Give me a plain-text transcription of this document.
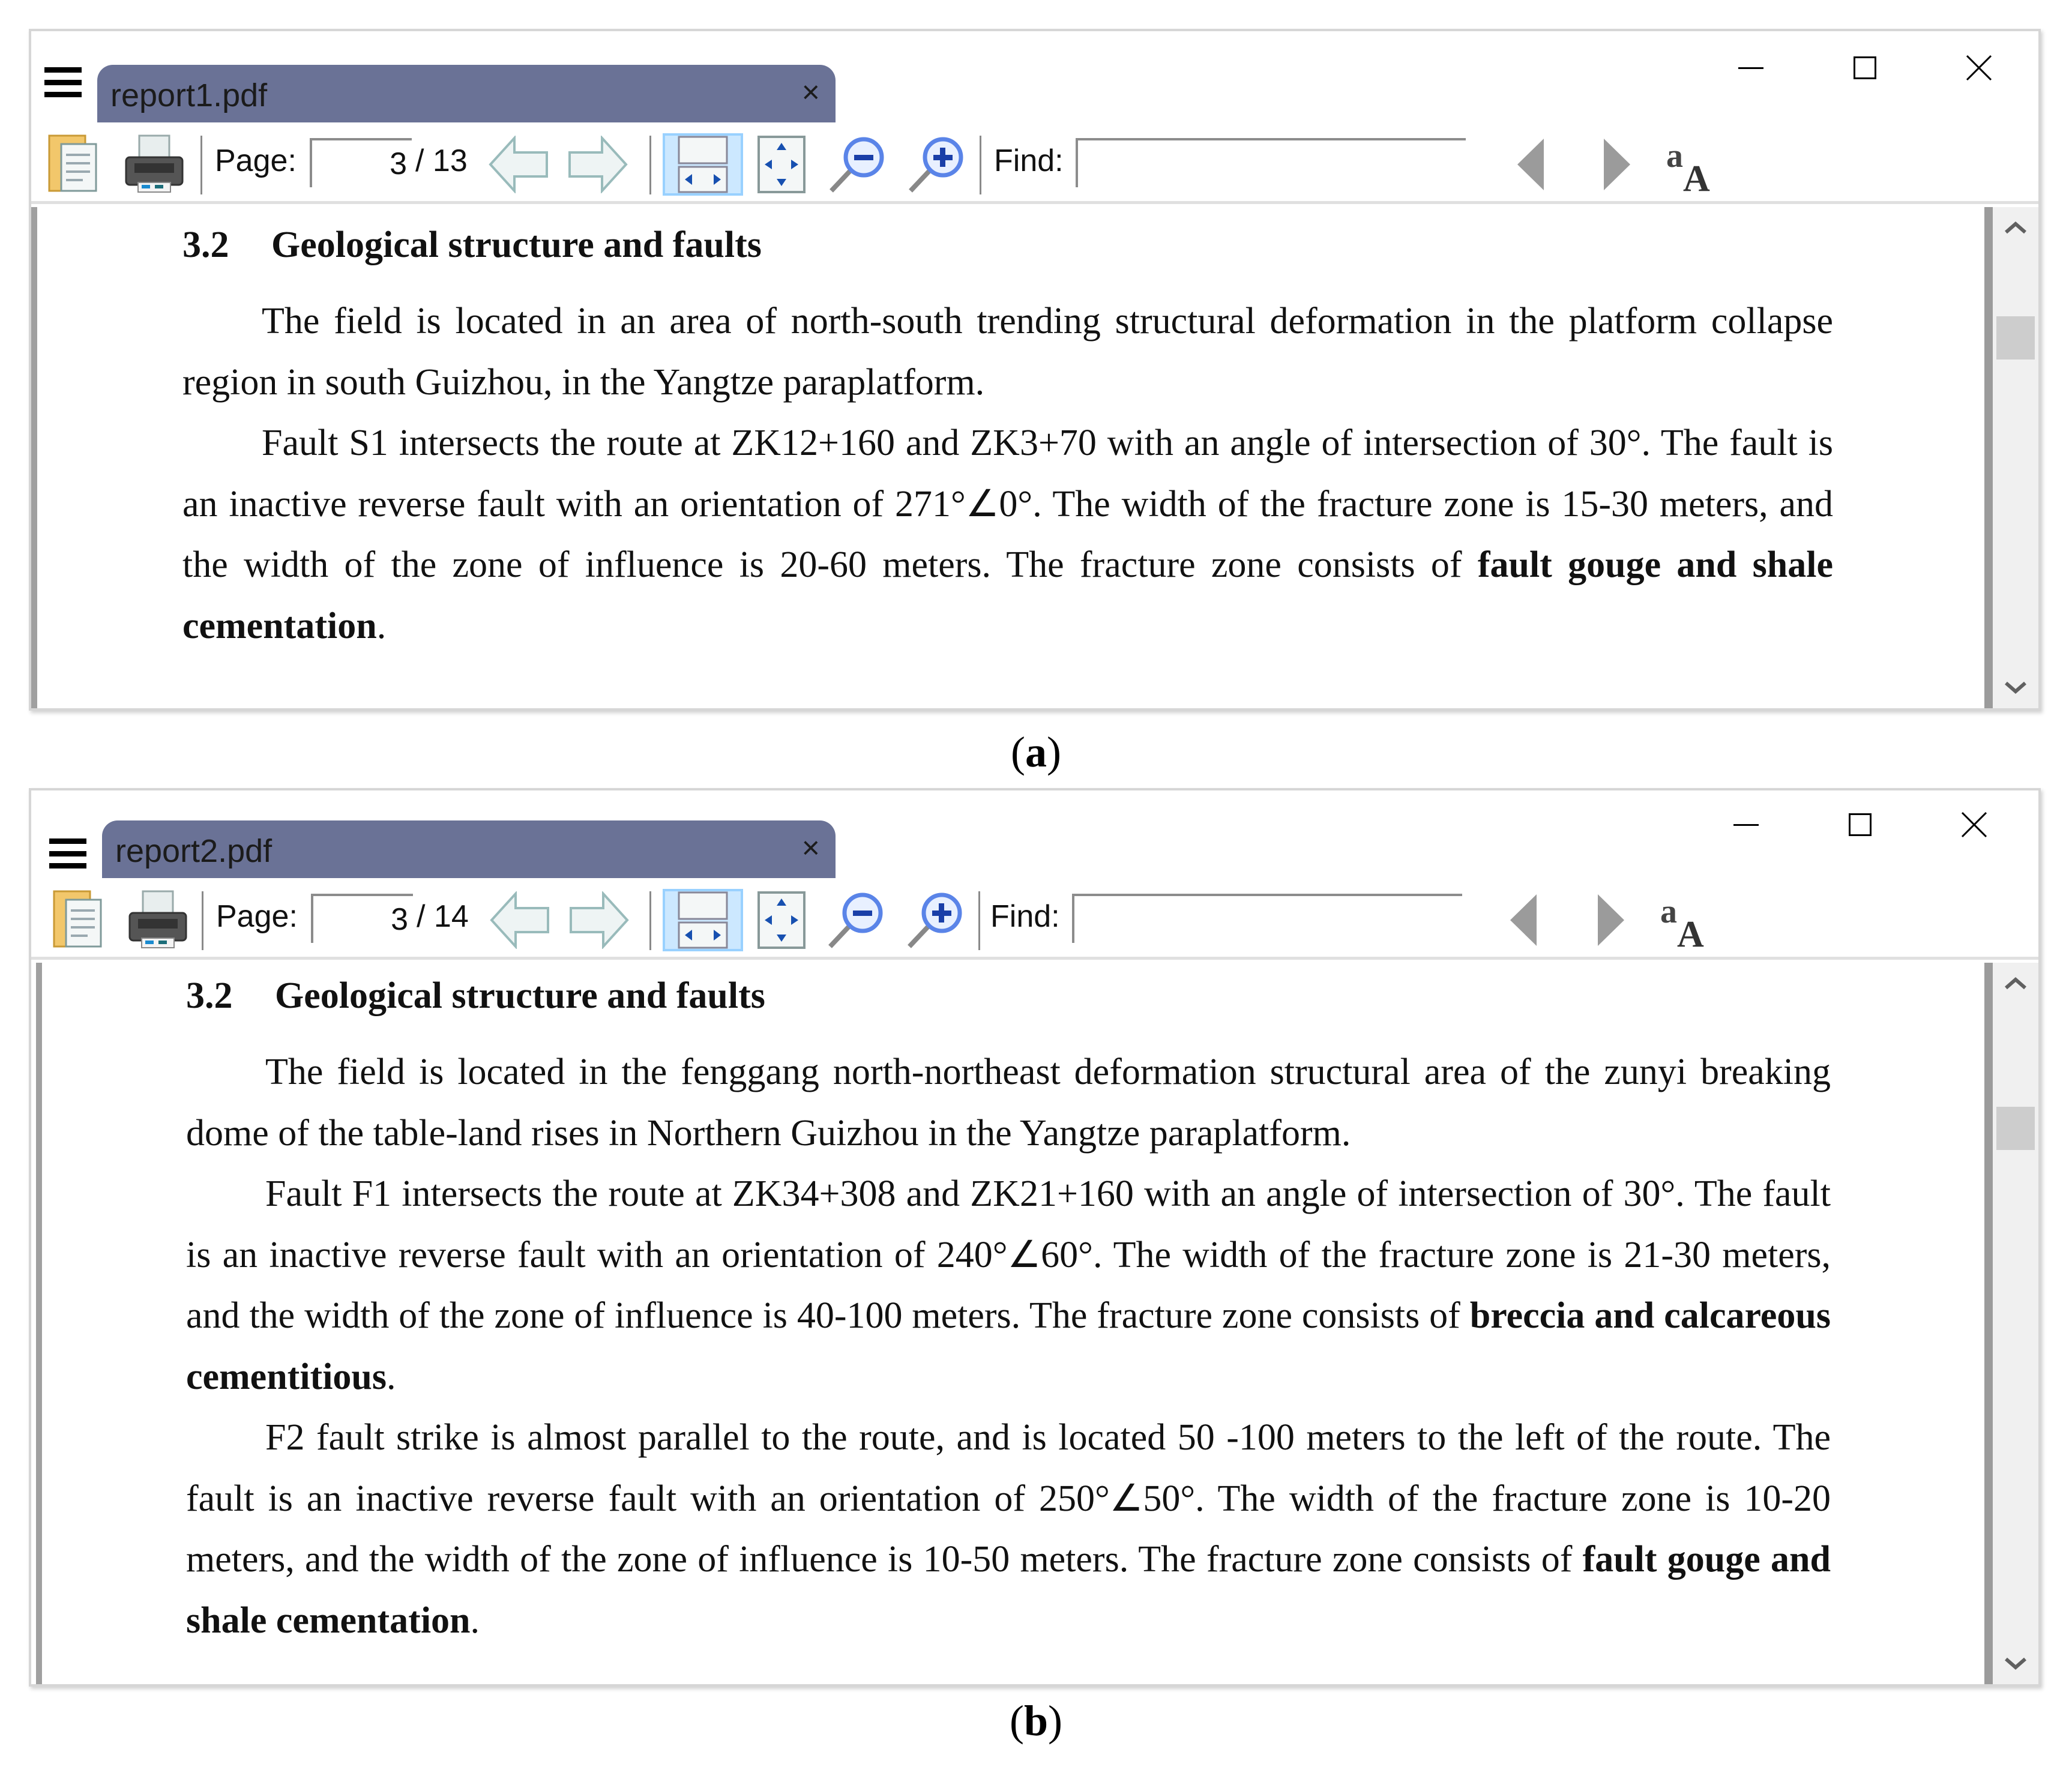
report1.pdf	×
Page:	3 / 13	Find:	a
A
3.2 Geological structure and faults

The field is located in an area of north-south trending structural deformation in the platform collapse region in south Guizhou, in the Yangtze paraplatform.

Fault S1 intersects the route at ZK12+160 and ZK3+70 with an angle of intersection of 30°. The fault is an inactive reverse fault with an orientation of 271°∠0°. The width of the fracture zone is 15-30 meters, and the width of the zone of influence is 20-60 meters. The fracture zone consists of fault gouge and shale cementation.

(a)
report2.pdf	×
Page:	3 / 14	Find:	a
A
3.2 Geological structure and faults

The field is located in the fenggang north-northeast deformation structural area of the zunyi breaking dome of the table-land rises in Northern Guizhou in the Yangtze paraplatform.

Fault F1 intersects the route at ZK34+308 and ZK21+160 with an angle of intersection of 30°. The fault is an inactive reverse fault with an orientation of 240°∠60°. The width of the fracture zone is 21-30 meters, and the width of the zone of influence is 40-100 meters. The fracture zone consists of breccia and calcareous cementitious.

F2 fault strike is almost parallel to the route, and is located 50 -100 meters to the left of the route. The fault is an inactive reverse fault with an orientation of 250°∠50°. The width of the fracture zone is 10-20 meters, and the width of the zone of influence is 10-50 meters. The fracture zone consists of fault gouge and shale cementation.

(b)
